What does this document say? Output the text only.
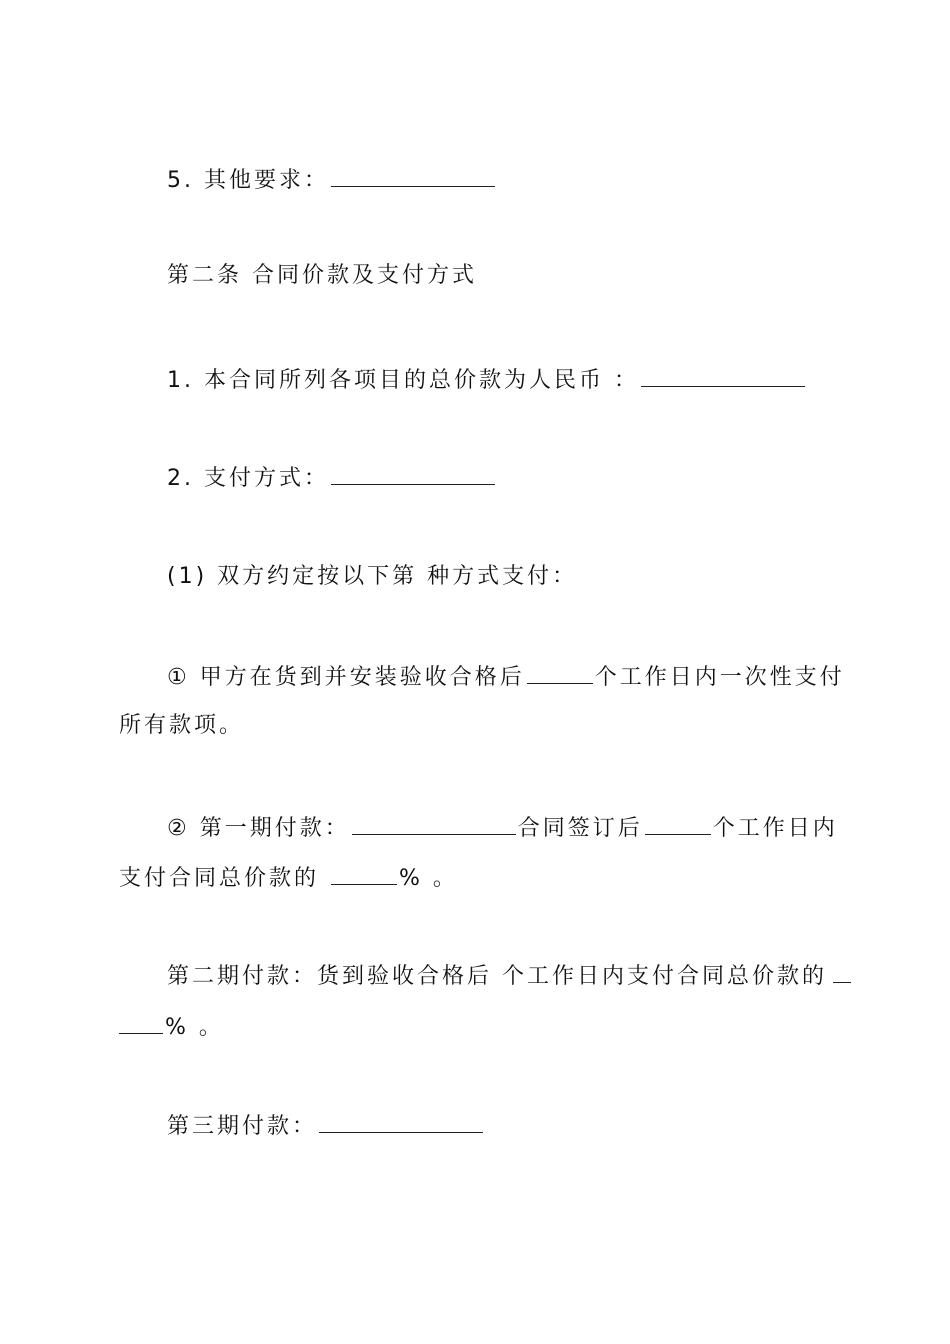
5. 其他要求：
第二条 合同价款及支付方式
1. 本合同所列各项目的总价款为人民币 ：
2. 支付方式：
(1) 双方约定按以下第 种方式支付：
① 甲方在货到并安装验收合格后	个工作日内一次性支付
所有款项。
② 第一期付款：	合同签订后	个工作日内
支付合同总价款的	% 。
第二期付款：货到验收合格后 个工作日内支付合同总价款的
% 。
第三期付款：
